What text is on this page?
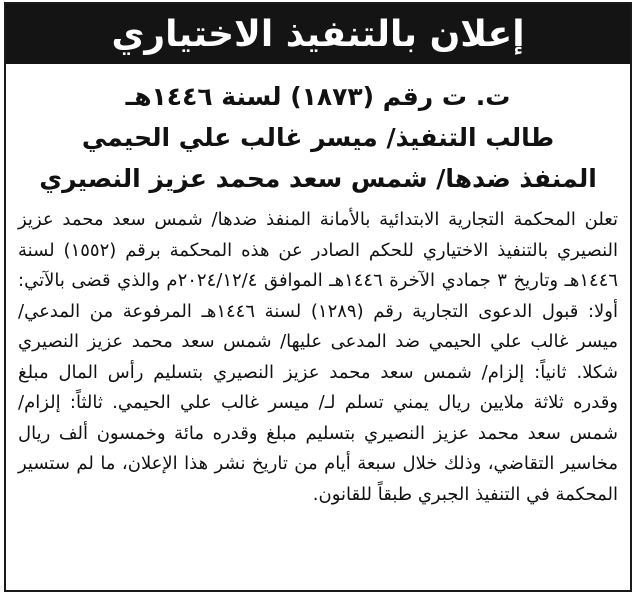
إعلان بالتنفيذ الاختياري

ت. ت رقم (١٨٧٣) لسنة ١٤٤٦هـ

طالب التنفيذ/ ميسر غالب علي الحيمي

المنفذ ضدها/ شمس سعد محمد عزيز النصيري

تعلن المحكمة التجارية الابتدائية بالأمانة المنفذ ضدها/ شمس سعد محمد عزيز النصيري بالتنفيذ الاختياري للحكم الصادر عن هذه المحكمة برقم (١٥٥٢) لسنة ١٤٤٦هـ وتاريخ ٣ جمادي الآخرة ١٤٤٦هـ الموافق ٢٠٢٤/١٢/٤م والذي قضى بالآتي: أولا: قبول الدعوى التجارية رقم (١٢٨٩) لسنة ١٤٤٦هـ المرفوعة من المدعي/ ميسر غالب علي الحيمي ضد المدعى عليها/ شمس سعد محمد عزيز النصيري شكلا. ثانياً: إلزام/ شمس سعد محمد عزيز النصيري بتسليم رأس المال مبلغ وقدره ثلاثة ملايين ريال يمني تسلم لـ/ ميسر غالب علي الحيمي. ثالثاً: إلزام/ شمس سعد محمد عزيز النصيري بتسليم مبلغ وقدره مائة وخمسون ألف ريال مخاسير التقاضي، وذلك خلال سبعة أيام من تاريخ نشر هذا الإعلان، ما لم ستسير المحكمة في التنفيذ الجبري طبقاً للقانون.
